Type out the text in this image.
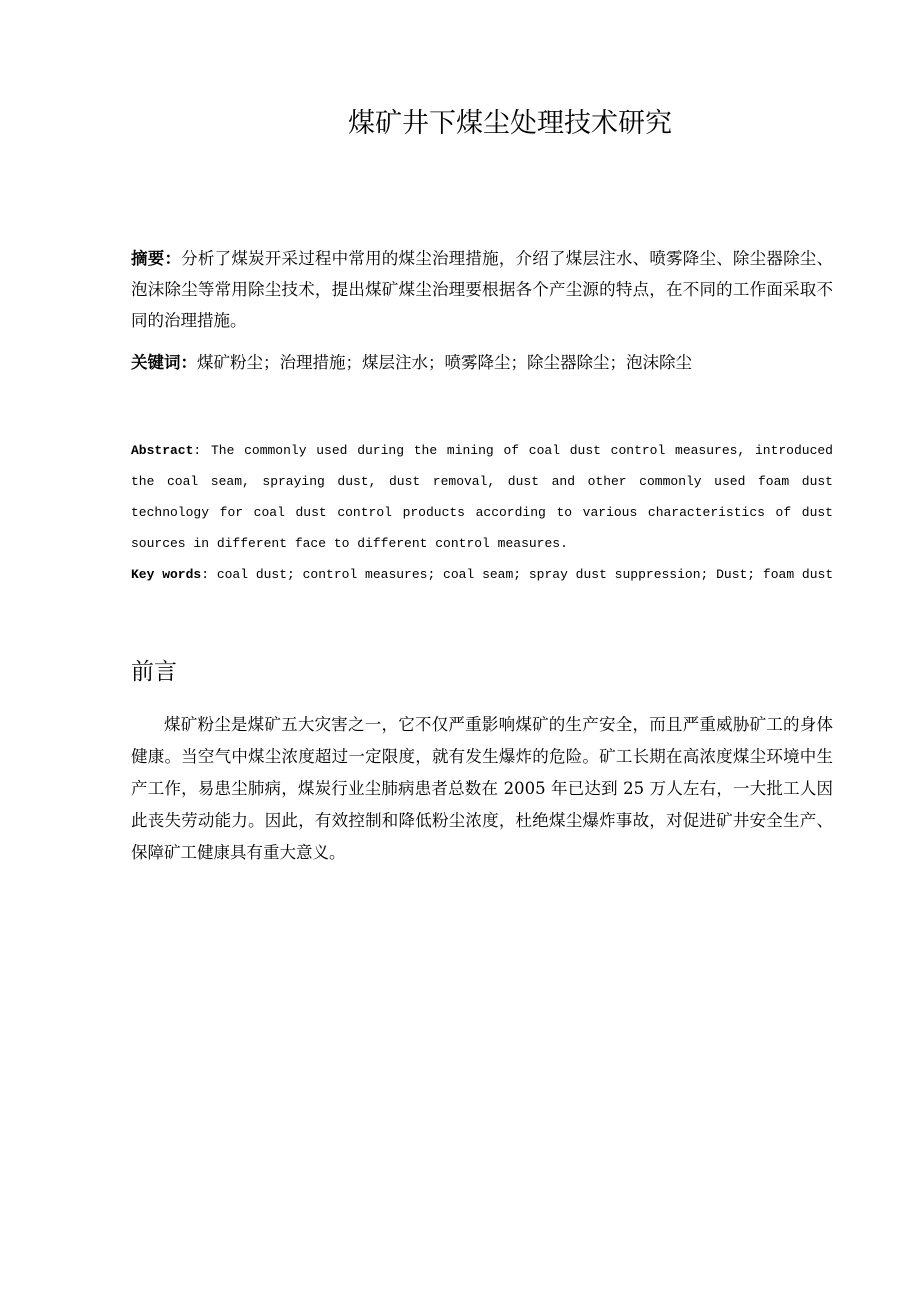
煤矿井下煤尘处理技术研究

摘要：分析了煤炭开采过程中常用的煤尘治理措施，介绍了煤层注水、喷雾降尘、除尘器除尘、泡沫除尘等常用除尘技术，提出煤矿煤尘治理要根据各个产尘源的特点，在不同的工作面采取不同的治理措施。

关键词：煤矿粉尘；治理措施；煤层注水；喷雾降尘；除尘器除尘；泡沫除尘

Abstract: The commonly used during the mining of coal dust control measures, introduced the coal seam, spraying dust, dust removal, dust and other commonly used foam dust technology for coal dust control products according to various characteristics of dust sources in different face to different control measures.

Key words: coal dust; control measures; coal seam; spray dust suppression; Dust; foam dust

前言

煤矿粉尘是煤矿五大灾害之一，它不仅严重影响煤矿的生产安全，而且严重威胁矿工的身体健康。当空气中煤尘浓度超过一定限度，就有发生爆炸的危险。矿工长期在高浓度煤尘环境中生产工作，易患尘肺病，煤炭行业尘肺病患者总数在 2005 年已达到 25 万人左右，一大批工人因此丧失劳动能力。因此，有效控制和降低粉尘浓度，杜绝煤尘爆炸事故，对促进矿井安全生产、保障矿工健康具有重大意义。
